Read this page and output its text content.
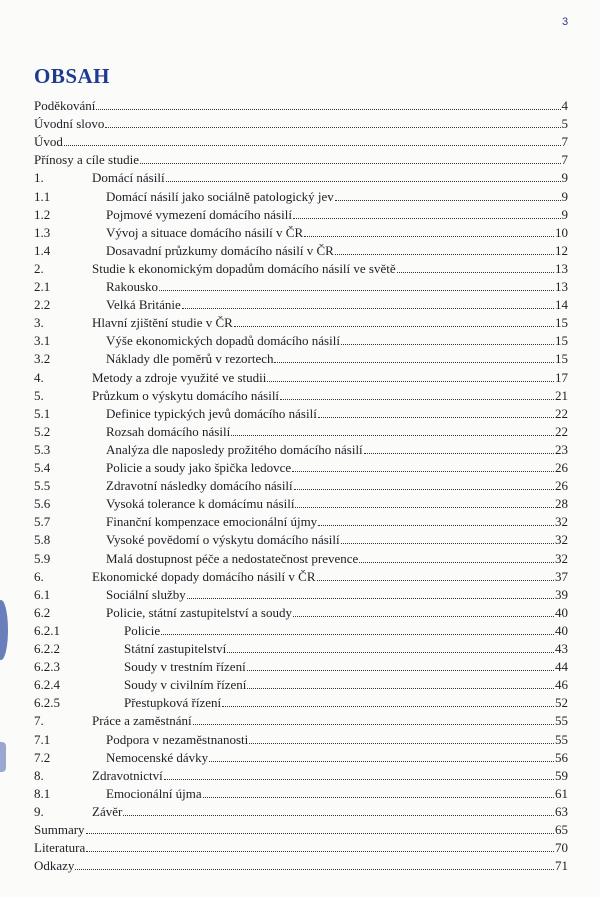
3
OBSAH
Poděkování	4
Úvodní slovo	5
Úvod	7
Přínosy a cíle studie	7
1.	Domácí násilí	9
1.1	Domácí násilí jako sociálně patologický jev	9
1.2	Pojmové vymezení domácího násilí	9
1.3	Vývoj a situace domácího násilí v ČR	10
1.4	Dosavadní průzkumy domácího násilí v ČR	12
2.	Studie k ekonomickým dopadům domácího násilí ve světě	13
2.1	Rakousko	13
2.2	Velká Británie	14
3.	Hlavní zjištění studie v ČR	15
3.1	Výše ekonomických dopadů domácího násilí	15
3.2	Náklady dle poměrů v rezortech	15
4.	Metody a zdroje využité ve studii	17
5.	Průzkum o výskytu domácího násilí	21
5.1	Definice typických jevů domácího násilí	22
5.2	Rozsah domácího násilí	22
5.3	Analýza dle naposledy prožitého domácího násilí	23
5.4	Policie a soudy jako špička ledovce	26
5.5	Zdravotní následky domácího násilí	26
5.6	Vysoká tolerance k domácímu násilí	28
5.7	Finanční kompenzace emocionální újmy	32
5.8	Vysoké povědomí o výskytu domácího násilí	32
5.9	Malá dostupnost péče a nedostatečnost prevence	32
6.	Ekonomické dopady domácího násilí v ČR	37
6.1	Sociální služby	39
6.2	Policie, státní zastupitelství a soudy	40
6.2.1	Policie	40
6.2.2	Státní zastupitelství	43
6.2.3	Soudy v trestním řízení	44
6.2.4	Soudy v civilním řízení	46
6.2.5	Přestupková řízení	52
7.	Práce a zaměstnání	55
7.1	Podpora v nezaměstnanosti	55
7.2	Nemocenské dávky	56
8.	Zdravotnictví	59
8.1	Emocionální újma	61
9.	Závěr	63
Summary	65
Literatura	70
Odkazy	71
